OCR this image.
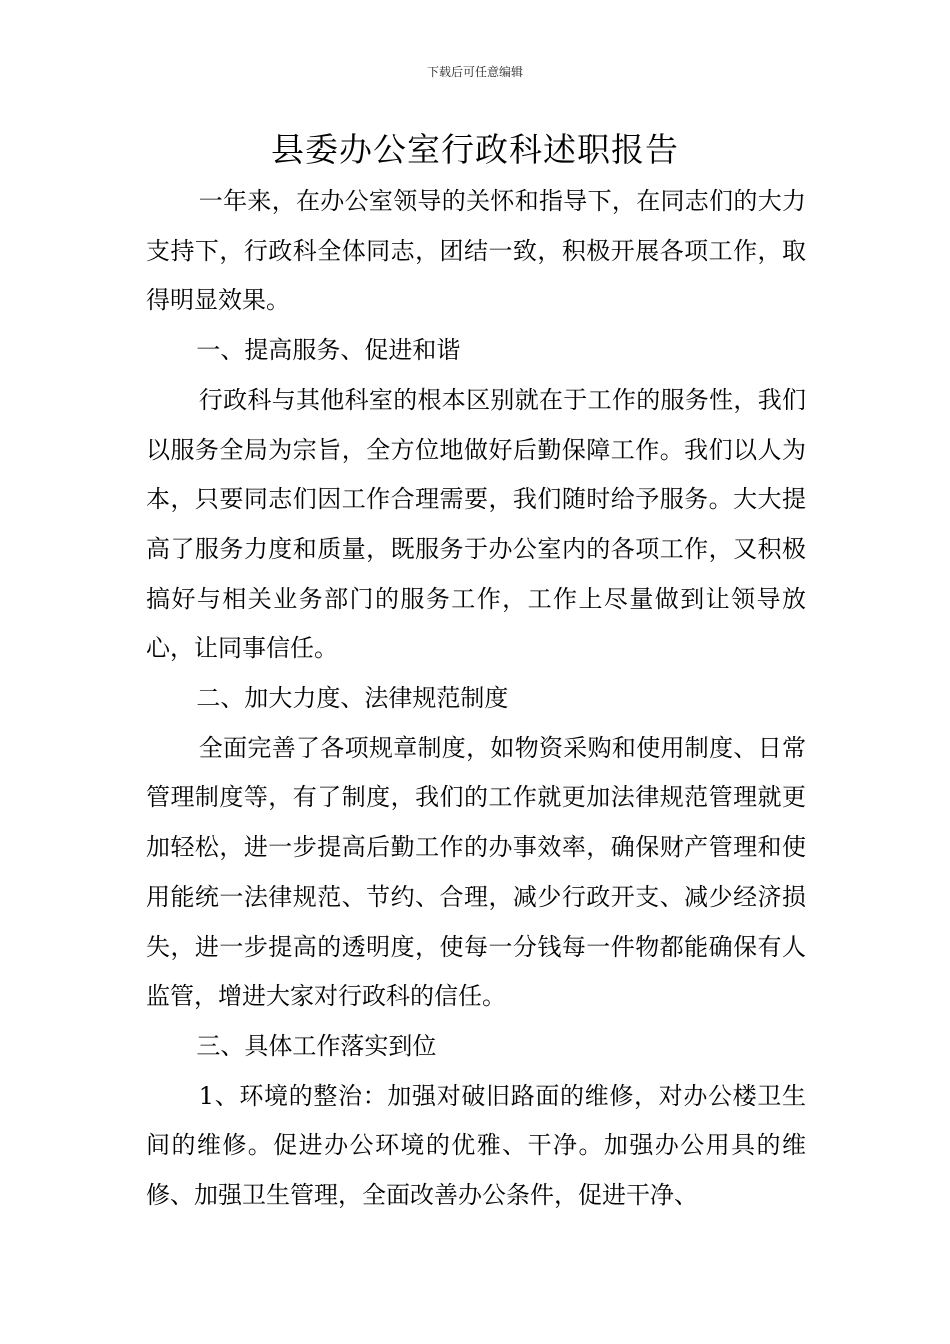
下载后可任意编辑
县委办公室行政科述职报告

一年来，在办公室领导的关怀和指导下，在同志们的大力支持下，行政科全体同志，团结一致，积极开展各项工作，取得明显效果。

一、提高服务、促进和谐

行政科与其他科室的根本区别就在于工作的服务性，我们以服务全局为宗旨，全方位地做好后勤保障工作。我们以人为本，只要同志们因工作合理需要，我们随时给予服务。大大提高了服务力度和质量，既服务于办公室内的各项工作，又积极搞好与相关业务部门的服务工作，工作上尽量做到让领导放心，让同事信任。

二、加大力度、法律规范制度

全面完善了各项规章制度，如物资采购和使用制度、日常管理制度等，有了制度，我们的工作就更加法律规范管理就更加轻松，进一步提高后勤工作的办事效率，确保财产管理和使用能统一法律规范、节约、合理，减少行政开支、减少经济损失，进一步提高的透明度，使每一分钱每一件物都能确保有人监管，增进大家对行政科的信任。

三、具体工作落实到位

1、环境的整治：加强对破旧路面的维修，对办公楼卫生间的维修。促进办公环境的优雅、干净。加强办公用具的维修、加强卫生管理，全面改善办公条件，促进干净、
